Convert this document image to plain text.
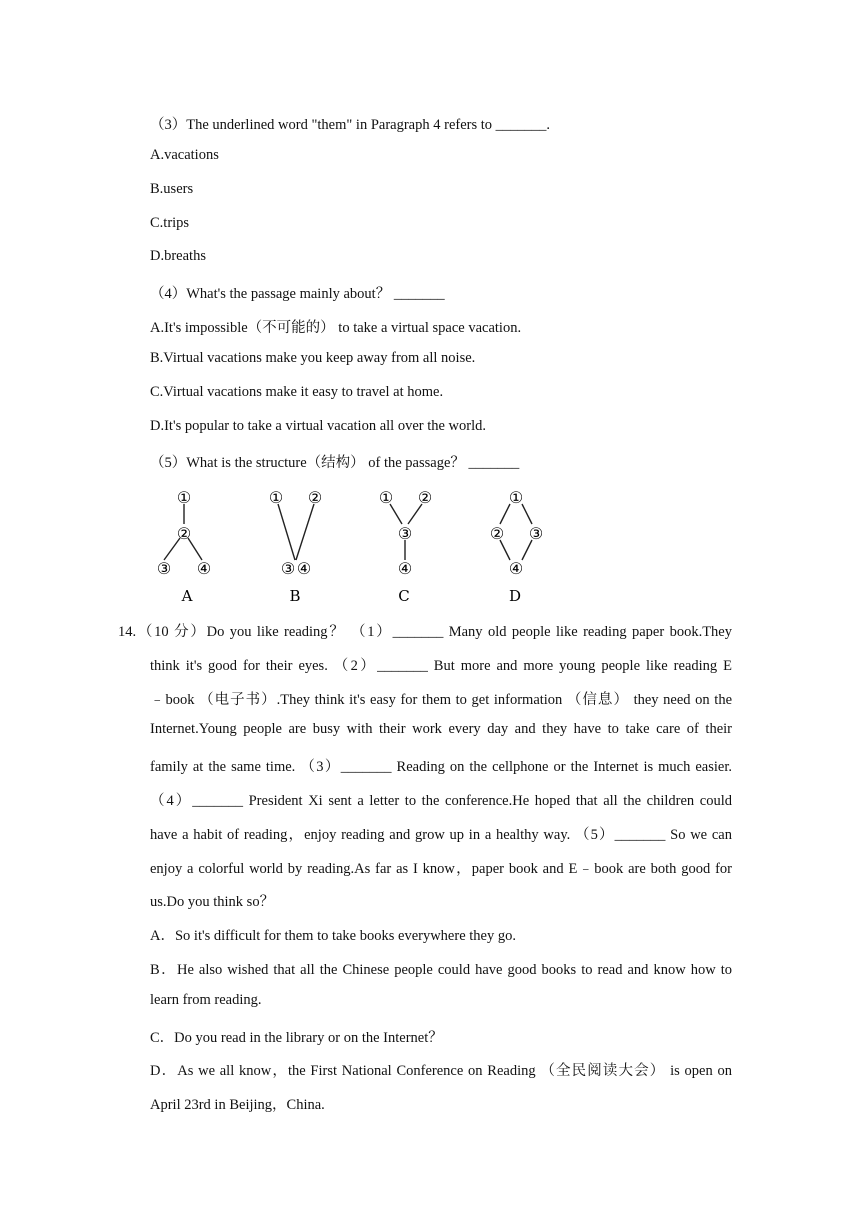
（3）The underlined word "them" in Paragraph 4 refers to _______.
A.vacations
B.users
C.trips
D.breaths
（4）What's the passage mainly about？ _______
A.It's impossible（不可能的） to take a virtual space vacation.
B.Virtual vacations make you keep away from all noise.
C.Virtual vacations make it easy to travel at home.
D.It's popular to take a virtual vacation all over the world.
（5）What is the structure（结构） of the passage？ _______
①
②
③ ④
A
① ②
③ ④
B
① ②
③
④
C
①
② ③
④
D
14.（10 分）Do you like reading？ （1）_______ Many old people like reading paper book.They
think it's good for their eyes. （2）_______ But more and more young people like reading E
﹣book （电子书）.They think it's easy for them to get information （信息） they need on the
Internet.Young people are busy with their work every day and they have to take care of their
family at the same time. （3）_______ Reading on the cellphone or the Internet is much easier.
（4）_______ President Xi sent a letter to the conference.He hoped that all the children could
have a habit of reading，enjoy reading and grow up in a healthy way. （5）_______ So we can
enjoy a colorful world by reading.As far as I know，paper book and E﹣book are both good for
us.Do you think so？
A．So it's difficult for them to take books everywhere they go.
B．He also wished that all the Chinese people could have good books to read and know how to
learn from reading.
C．Do you read in the library or on the Internet？
D．As we all know，the First National Conference on Reading （全民阅读大会） is open on
April 23rd in Beijing，China.
